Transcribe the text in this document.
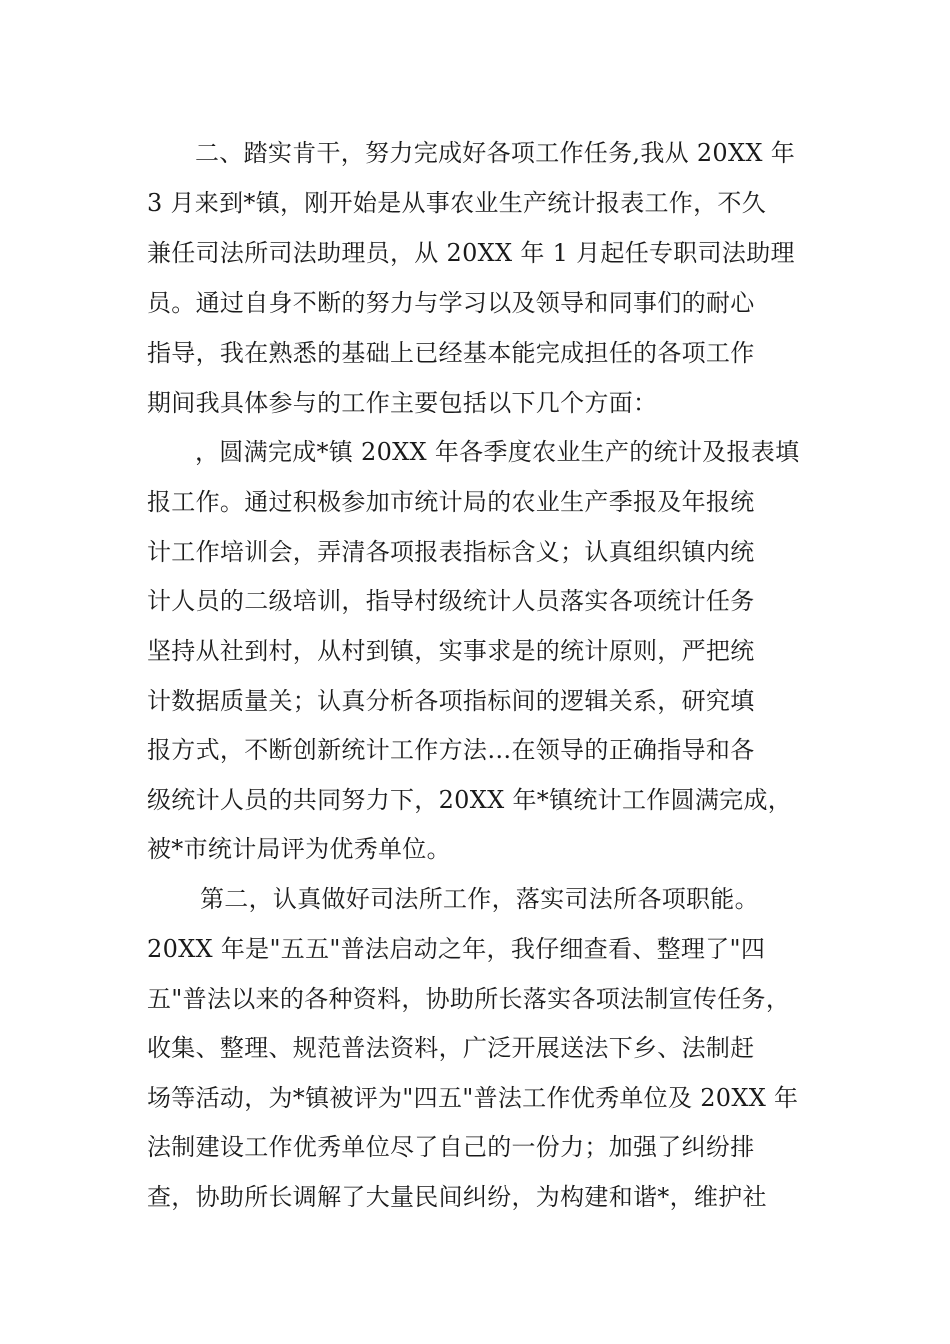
二、踏实肯干，努力完成好各项工作任务,我从 20XX 年
3 月来到*镇，刚开始是从事农业生产统计报表工作，不久
兼任司法所司法助理员，从 20XX 年 1 月起任专职司法助理
员。通过自身不断的努力与学习以及领导和同事们的耐心
指导，我在熟悉的基础上已经基本能完成担任的各项工作
期间我具体参与的工作主要包括以下几个方面：
，圆满完成*镇 20XX 年各季度农业生产的统计及报表填
报工作。通过积极参加市统计局的农业生产季报及年报统
计工作培训会，弄清各项报表指标含义；认真组织镇内统
计人员的二级培训，指导村级统计人员落实各项统计任务
坚持从社到村，从村到镇，实事求是的统计原则，严把统
计数据质量关；认真分析各项指标间的逻辑关系，研究填
报方式，不断创新统计工作方法…在领导的正确指导和各
级统计人员的共同努力下，20XX 年*镇统计工作圆满完成，
被*市统计局评为优秀单位。
第二，认真做好司法所工作，落实司法所各项职能。
20XX 年是"五五"普法启动之年，我仔细查看、整理了"四
五"普法以来的各种资料，协助所长落实各项法制宣传任务，
收集、整理、规范普法资料，广泛开展送法下乡、法制赶
场等活动，为*镇被评为"四五"普法工作优秀单位及 20XX 年
法制建设工作优秀单位尽了自己的一份力；加强了纠纷排
查，协助所长调解了大量民间纠纷，为构建和谐*，维护社
